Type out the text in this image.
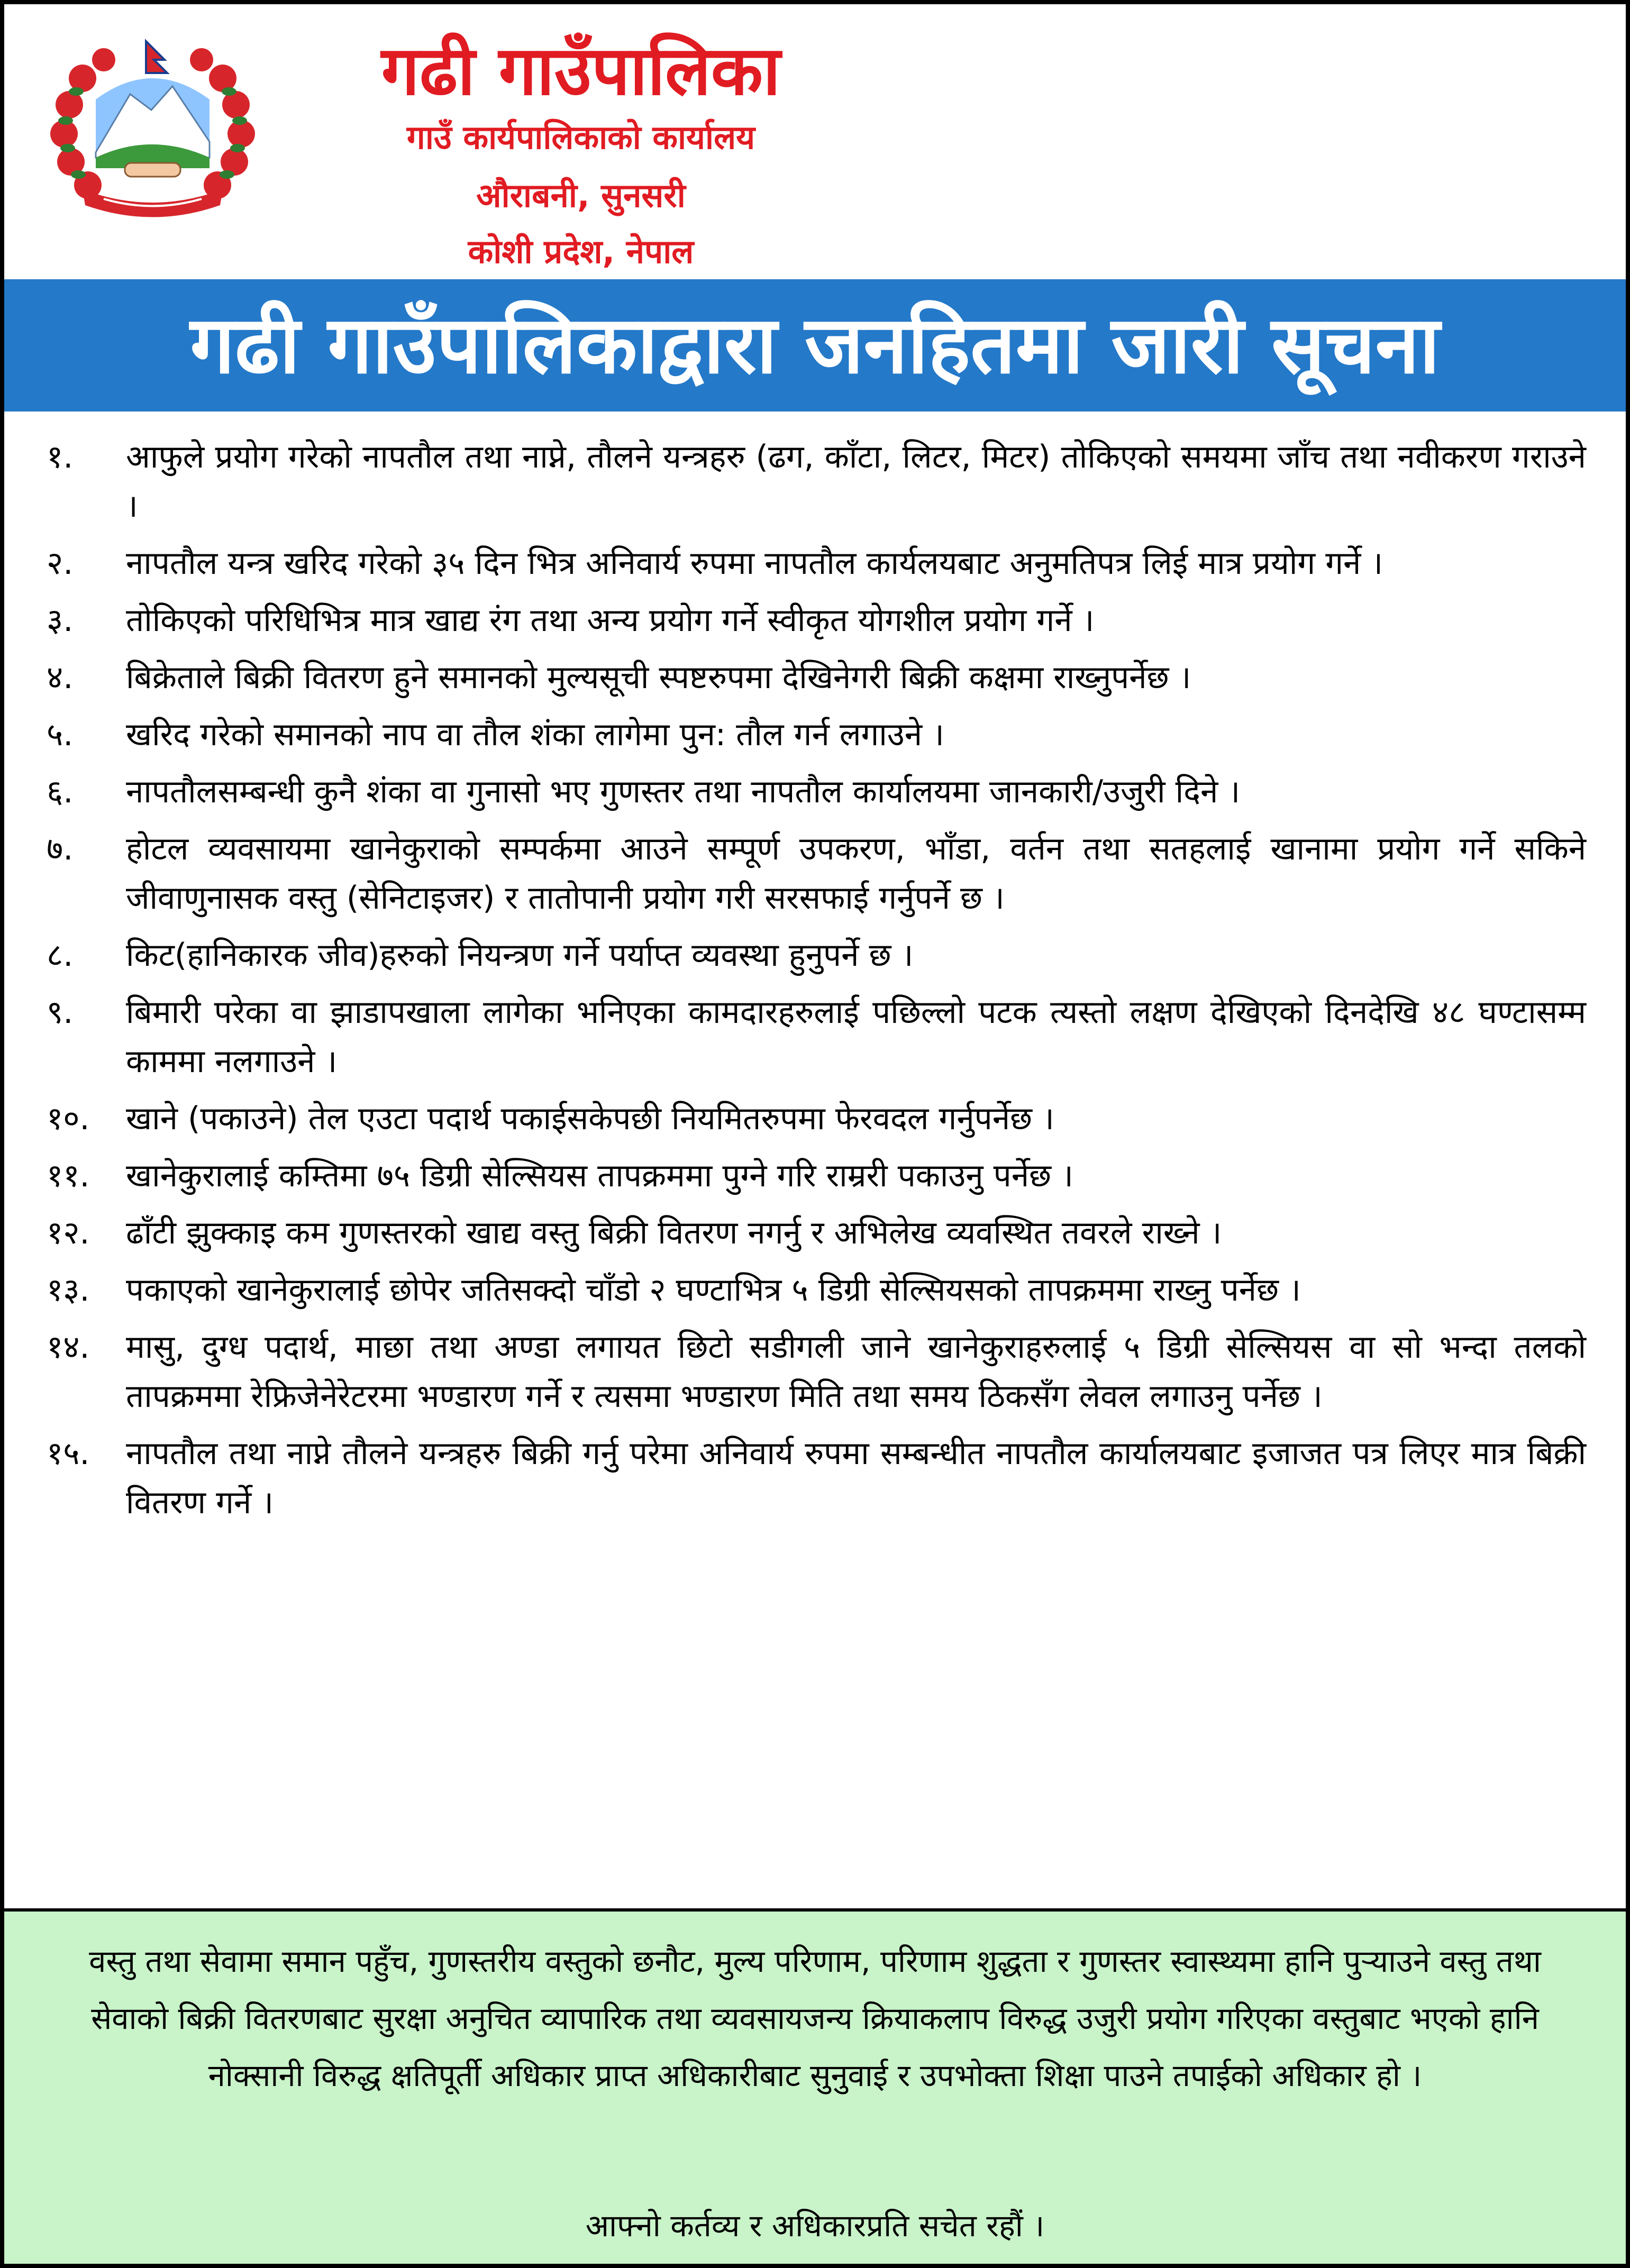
गढी गाउँपालिका
गाउँ कार्यपालिकाको कार्यालय
औराबनी, सुनसरी
कोशी प्रदेश, नेपाल
गढी गाउँपालिकाद्वारा जनहितमा जारी सूचना
१.	आफुले प्रयोग गरेको नापतौल तथा नाप्ने, तौलने यन्त्रहरु (ढग, काँटा, लिटर, मिटर) तोकिएको समयमा जाँच तथा नवीकरण गराउने ।
२.	नापतौल यन्त्र खरिद गरेको ३५ दिन भित्र अनिवार्य रुपमा नापतौल कार्यलयबाट अनुमतिपत्र लिई मात्र प्रयोग गर्ने ।
३.	तोकिएको परिधिभित्र मात्र खाद्य रंग तथा अन्य प्रयोग गर्ने स्वीकृत योगशील प्रयोग गर्ने ।
४.	बिक्रेताले बिक्री वितरण हुने समानको मुल्यसूची स्पष्टरुपमा देखिनेगरी बिक्री कक्षमा राख्नुपर्नेछ ।
५.	खरिद गरेको समानको नाप वा तौल शंका लागेमा पुन: तौल गर्न लगाउने ।
६.	नापतौलसम्बन्धी कुनै शंका वा गुनासो भए गुणस्तर तथा नापतौल कार्यालयमा जानकारी/उजुरी दिने ।
७.	होटल व्यवसायमा खानेकुराको सम्पर्कमा आउने सम्पूर्ण उपकरण, भाँडा, वर्तन तथा सतहलाई खानामा प्रयोग गर्ने सकिने जीवाणुनासक वस्तु (सेनिटाइजर) र तातोपानी प्रयोग गरी सरसफाई गर्नुपर्ने छ ।
८.	किट(हानिकारक जीव)हरुको नियन्त्रण गर्ने पर्याप्त व्यवस्था हुनुपर्ने छ ।
९.	बिमारी परेका वा झाडापखाला लागेका भनिएका कामदारहरुलाई पछिल्लो पटक त्यस्तो लक्षण देखिएको दिनदेखि ४८ घण्टासम्म काममा नलगाउने ।
१०.	खाने (पकाउने) तेल एउटा पदार्थ पकाईसकेपछी नियमितरुपमा फेरवदल गर्नुपर्नेछ ।
११.	खानेकुरालाई कम्तिमा ७५ डिग्री सेल्सियस तापक्रममा पुग्ने गरि राम्ररी पकाउनु पर्नेछ ।
१२.	ढाँटी झुक्काइ कम गुणस्तरको खाद्य वस्तु बिक्री वितरण नगर्नु र अभिलेख व्यवस्थित तवरले राख्ने ।
१३.	पकाएको खानेकुरालाई छोपेर जतिसक्दो चाँडो २ घण्टाभित्र ५ डिग्री सेल्सियसको तापक्रममा राख्नु पर्नेछ ।
१४.	मासु, दुग्ध पदार्थ, माछा तथा अण्डा लगायत छिटो सडीगली जाने खानेकुराहरुलाई ५ डिग्री सेल्सियस वा सो भन्दा तलको तापक्रममा रेफ्रिजेनेरेटरमा भण्डारण गर्ने र त्यसमा भण्डारण मिति तथा समय ठिकसँग लेवल लगाउनु पर्नेछ ।
१५.	नापतौल तथा नाप्ने तौलने यन्त्रहरु बिक्री गर्नु परेमा अनिवार्य रुपमा सम्बन्धीत नापतौल कार्यालयबाट इजाजत पत्र लिएर मात्र बिक्री वितरण गर्ने ।
वस्तु तथा सेवामा समान पहुँच, गुणस्तरीय वस्तुको छनौट, मुल्य परिणाम, परिणाम शुद्धता र गुणस्तर स्वास्थ्यमा हानि पुऱ्याउने वस्तु तथा सेवाको बिक्री वितरणबाट सुरक्षा अनुचित व्यापारिक तथा व्यवसायजन्य क्रियाकलाप विरुद्ध उजुरी प्रयोग गरिएका वस्तुबाट भएको हानि नोक्सानी विरुद्ध क्षतिपूर्ती अधिकार प्राप्त अधिकारीबाट सुनुवाई र उपभोक्ता शिक्षा पाउने तपाईको अधिकार हो ।
आफ्नो कर्तव्य र अधिकारप्रति सचेत रहौं ।
